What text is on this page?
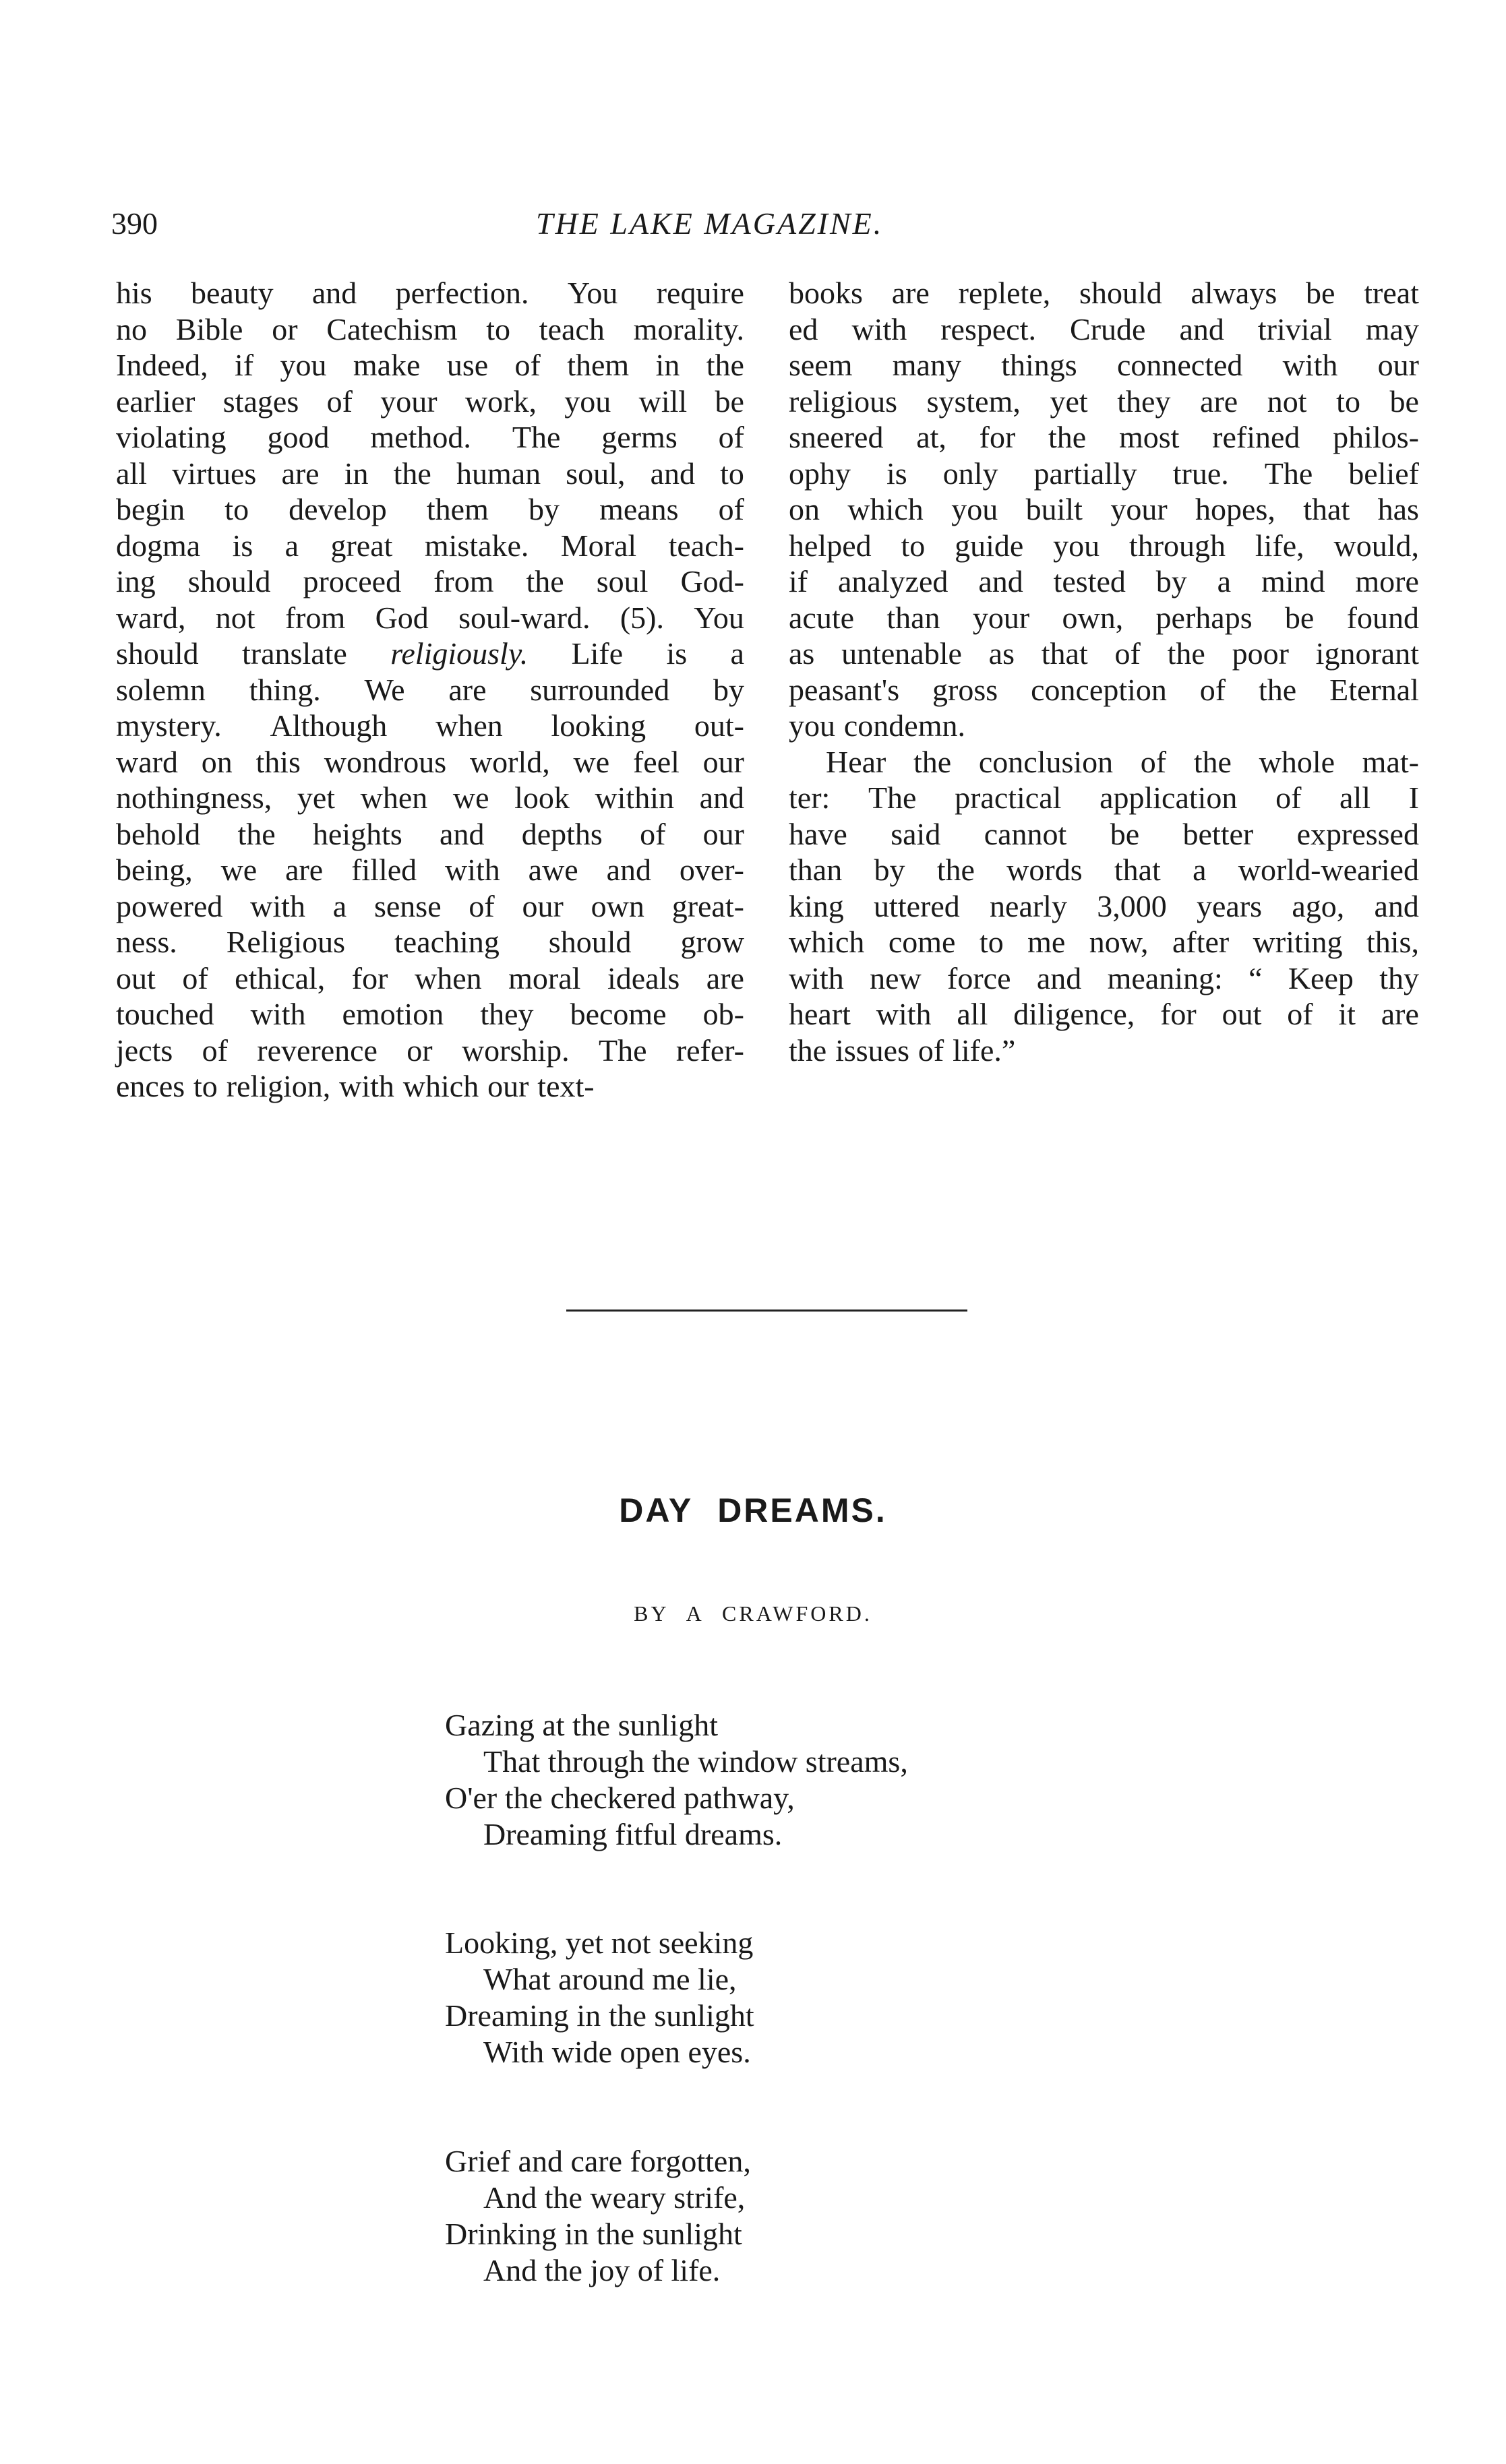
390	THE LAKE MAGAZINE.
his beauty and perfection. You require
no Bible or Catechism to teach morality.
Indeed, if you make use of them in the
earlier stages of your work, you will be
violating good method. The germs of
all virtues are in the human soul, and to
begin to develop them by means of
dogma is a great mistake. Moral teach-
ing should proceed from the soul God-
ward, not from God soul-ward. (5). You
should translate religiously. Life is a
solemn thing. We are surrounded by
mystery. Although when looking out-
ward on this wondrous world, we feel our
nothingness, yet when we look within and
behold the heights and depths of our
being, we are filled with awe and over-
powered with a sense of our own great-
ness. Religious teaching should grow
out of ethical, for when moral ideals are
touched with emotion they become ob-
jects of reverence or worship. The refer-
ences to religion, with which our text-
books are replete, should always be treat
ed with respect. Crude and trivial may
seem many things connected with our
religious system, yet they are not to be
sneered at, for the most refined philos-
ophy is only partially true. The belief
on which you built your hopes, that has
helped to guide you through life, would,
if analyzed and tested by a mind more
acute than your own, perhaps be found
as untenable as that of the poor ignorant
peasant's gross conception of the Eternal
you condemn.
Hear the conclusion of the whole mat-
ter: The practical application of all I
have said cannot be better expressed
than by the words that a world-wearied
king uttered nearly 3,000 years ago, and
which come to me now, after writing this,
with new force and meaning: “ Keep thy
heart with all diligence, for out of it are
the issues of life.”
DAY DREAMS.
BY A CRAWFORD.
Gazing at the sunlight
That through the window streams,
O'er the checkered pathway,
Dreaming fitful dreams.
Looking, yet not seeking
What around me lie,
Dreaming in the sunlight
With wide open eyes.
Grief and care forgotten,
And the weary strife,
Drinking in the sunlight
And the joy of life.
